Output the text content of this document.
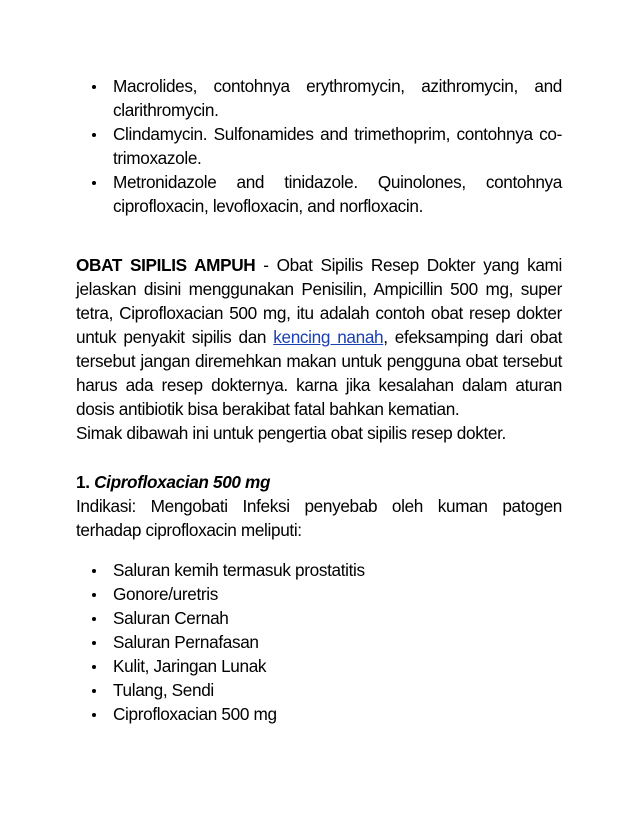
Macrolides, contohnya erythromycin, azithromycin, and clarithromycin.
Clindamycin. Sulfonamides and trimethoprim, contohnya co-trimoxazole.
Metronidazole and tinidazole. Quinolones, contohnya ciprofloxacin, levofloxacin, and norfloxacin.

OBAT SIPILIS AMPUH - Obat Sipilis Resep Dokter yang kami jelaskan disini menggunakan Penisilin, Ampicillin 500 mg, super tetra, Ciprofloxacian 500 mg, itu adalah contoh obat resep dokter untuk penyakit sipilis dan kencing nanah, efeksamping dari obat tersebut jangan diremehkan makan untuk pengguna obat tersebut harus ada resep dokternya. karna jika kesalahan dalam aturan dosis antibiotik bisa berakibat fatal bahkan kematian.

Simak dibawah ini untuk pengertia obat sipilis resep dokter.

1. Ciprofloxacian 500 mg

Indikasi: Mengobati Infeksi penyebab oleh kuman patogen terhadap ciprofloxacin meliputi:

Saluran kemih termasuk prostatitis
Gonore/uretris
Saluran Cernah
Saluran Pernafasan
Kulit, Jaringan Lunak
Tulang, Sendi
Ciprofloxacian 500 mg
